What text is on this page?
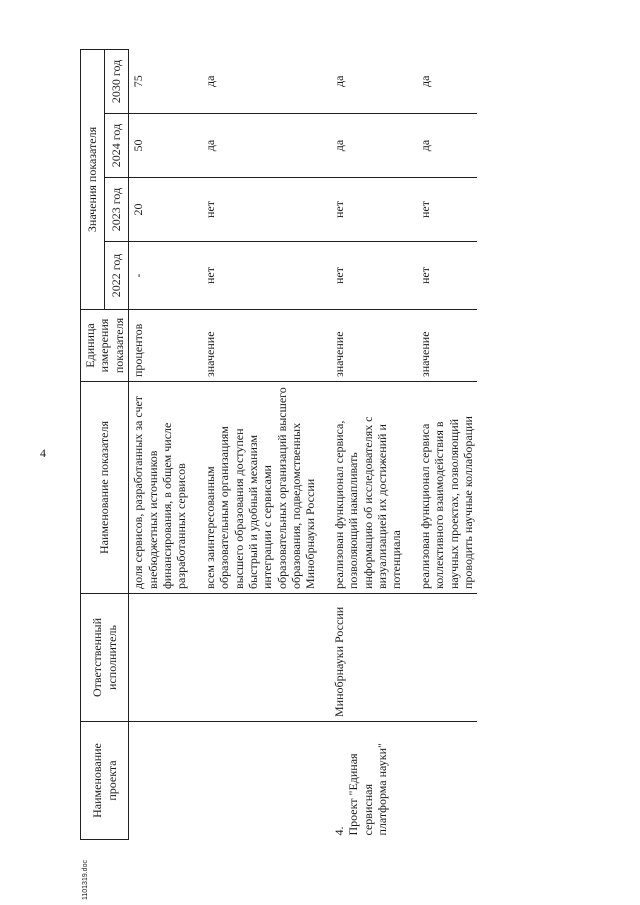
4
1101319.doc
Наименование проекта	Ответственный исполнитель	Наименование показателя	Единица измерения показателя	Значения показателя			
				2022 год	2023 год	2024 год	2030 год
		доля сервисов, разработанных за счет внебюджетных источников финансирования, в общем числе разработанных сервисов	процентов	-	20	50	75
		всем заинтересованным образовательным организациям высшего образования доступен быстрый и удобный механизм интеграции с сервисами образовательных организаций высшего образования, подведомственных Минобрнауки России	значение	нет	нет	да	да
4.Проект "Единая сервисная платформа науки"	Минобрнауки России	реализован функционал сервиса, позволяющий накапливать информацию об исследователях с визуализацией их достижений и потенциала	значение	нет	нет	да	да
		реализован функционал сервиса коллективного взаимодействия в научных проектах, позволяющий проводить научные коллаборации	значение	нет	нет	да	да
